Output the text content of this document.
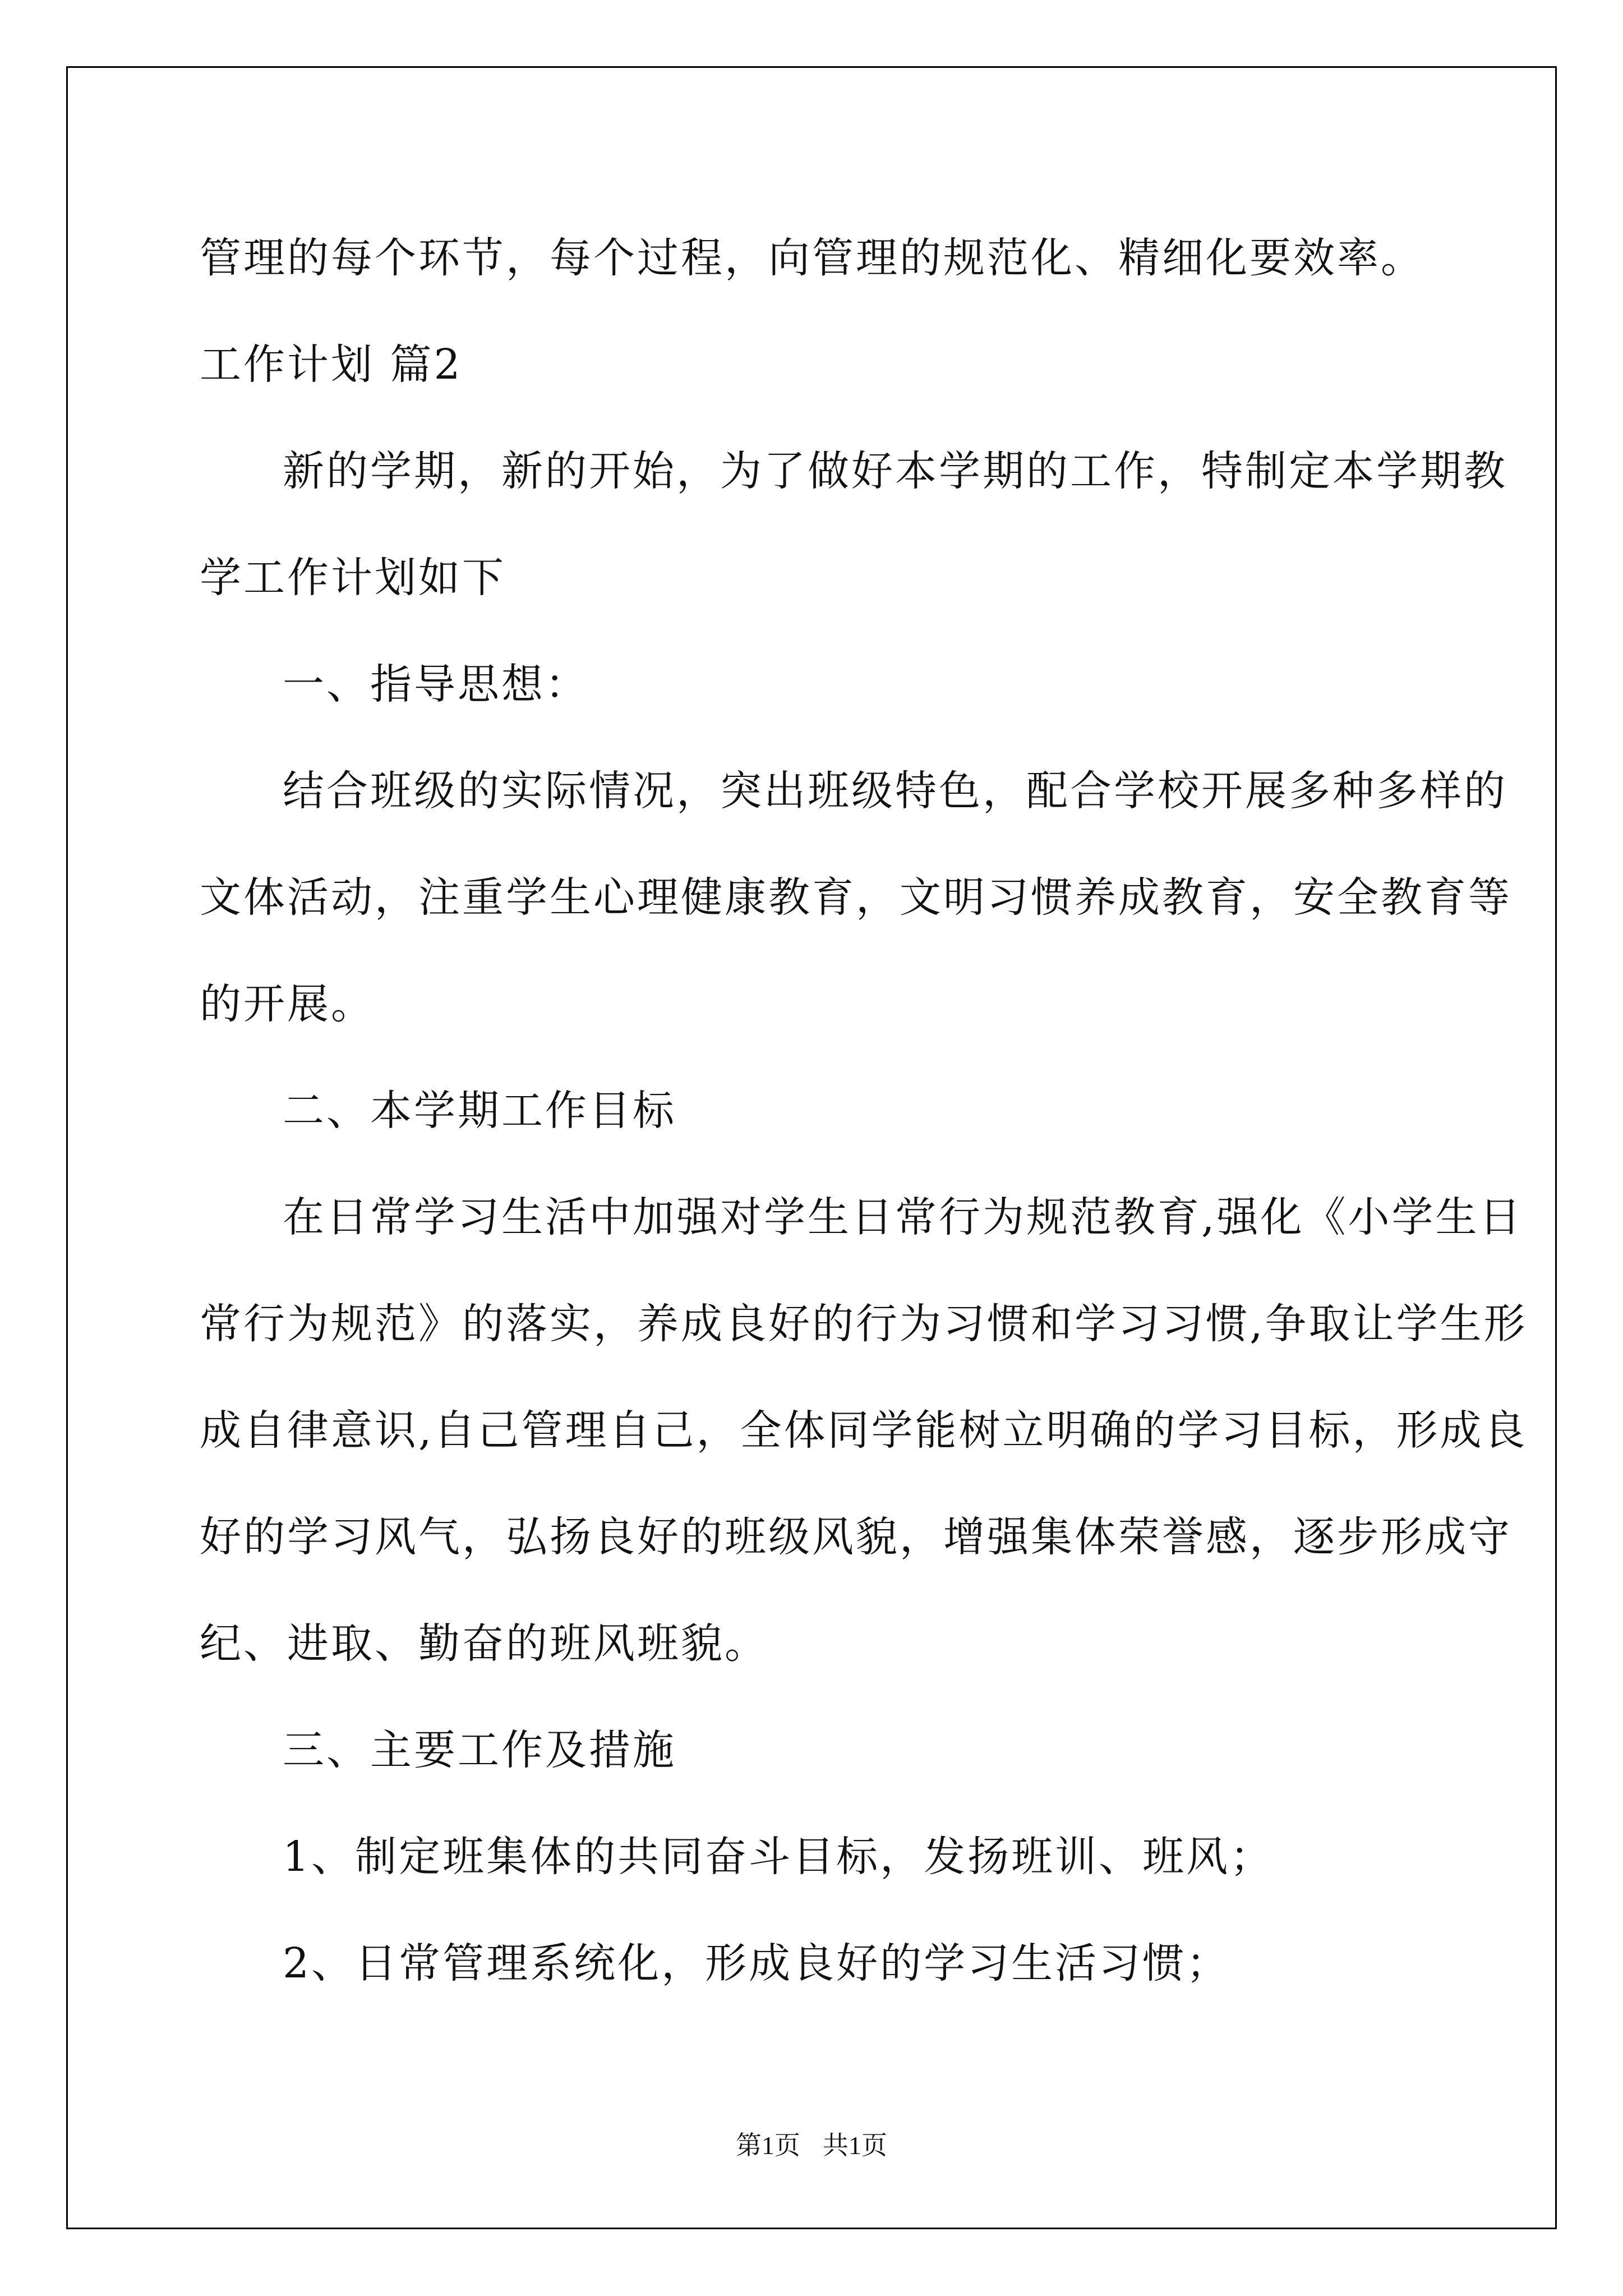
管理的每个环节，每个过程，向管理的规范化、精细化要效率。

工作计划 篇2

新的学期，新的开始，为了做好本学期的工作，特制定本学期教

学工作计划如下

一、指导思想：

结合班级的实际情况，突出班级特色，配合学校开展多种多样的

文体活动，注重学生心理健康教育，文明习惯养成教育，安全教育等

的开展。

二、本学期工作目标

在日常学习生活中加强对学生日常行为规范教育,强化《小学生日

常行为规范》的落实，养成良好的行为习惯和学习习惯,争取让学生形

成自律意识,自己管理自己，全体同学能树立明确的学习目标，形成良

好的学习风气，弘扬良好的班级风貌，增强集体荣誉感，逐步形成守

纪、进取、勤奋的班风班貌。

三、主要工作及措施

1、制定班集体的共同奋斗目标，发扬班训、班风；

2、日常管理系统化，形成良好的学习生活习惯；

第1页 共1页
